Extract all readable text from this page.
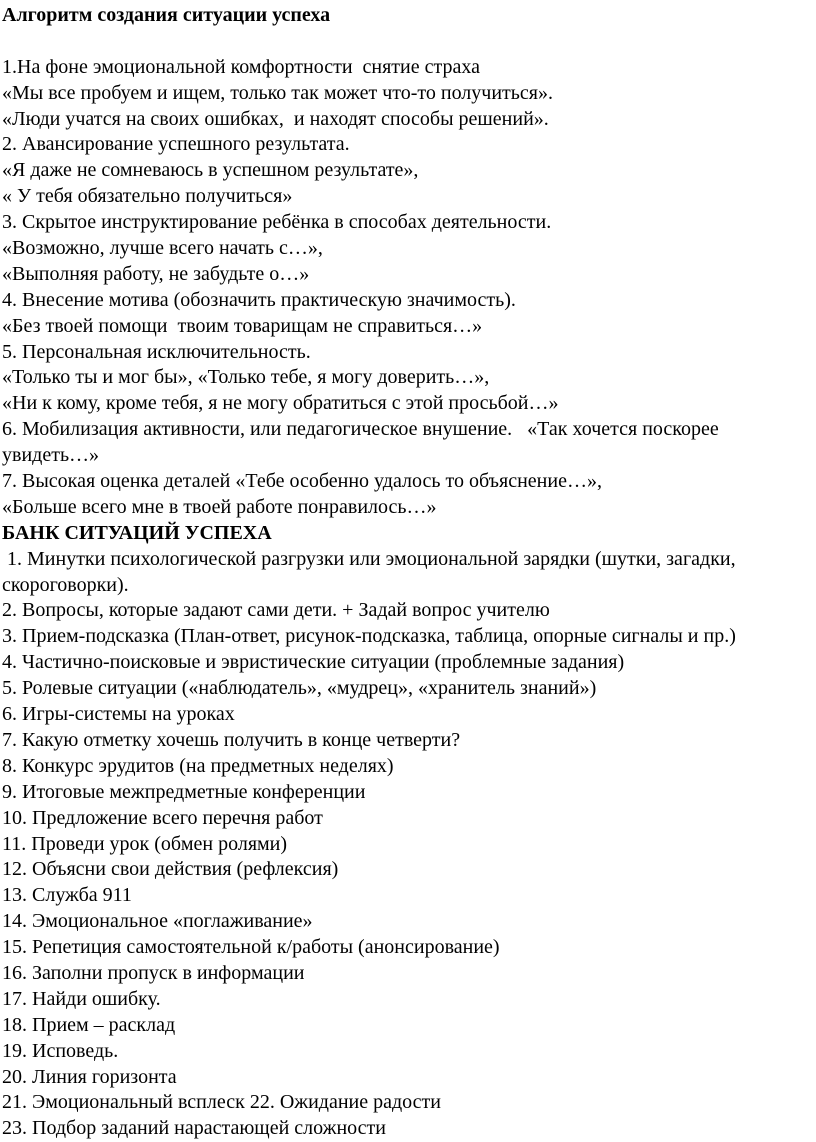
Алгоритм создания ситуации успеха
1.На фоне эмоциональной комфортности  снятие страха
«Мы все пробуем и ищем, только так может что-то получиться».
«Люди учатся на своих ошибках,  и находят способы решений».
2. Авансирование успешного результата.
«Я даже не сомневаюсь в успешном результате»,
« У тебя обязательно получиться»
3. Скрытое инструктирование ребёнка в способах деятельности.
«Возможно, лучше всего начать с…»,
«Выполняя работу, не забудьте о…»
4. Внесение мотива (обозначить практическую значимость).
«Без твоей помощи  твоим товарищам не справиться…»
5. Персональная исключительность.
«Только ты и мог бы», «Только тебе, я могу доверить…»,
«Ни к кому, кроме тебя, я не могу обратиться с этой просьбой…»
6. Мобилизация активности, или педагогическое внушение.   «Так хочется поскорее
увидеть…»
7. Высокая оценка деталей «Тебе особенно удалось то объяснение…»,
«Больше всего мне в твоей работе понравилось…»
БАНК СИТУАЦИЙ УСПЕХА
1. Минутки психологической разгрузки или эмоциональной зарядки (шутки, загадки,
скороговорки).
2. Вопросы, которые задают сами дети. + Задай вопрос учителю
3. Прием-подсказка (План-ответ, рисунок-подсказка, таблица, опорные сигналы и пр.)
4. Частично-поисковые и эвристические ситуации (проблемные задания)
5. Ролевые ситуации («наблюдатель», «мудрец», «хранитель знаний»)
6. Игры-системы на уроках
7. Какую отметку хочешь получить в конце четверти?
8. Конкурс эрудитов (на предметных неделях)
9. Итоговые межпредметные конференции
10. Предложение всего перечня работ
11. Проведи урок (обмен ролями)
12. Объясни свои действия (рефлексия)
13. Служба 911
14. Эмоциональное «поглаживание»
15. Репетиция самостоятельной к/работы (анонсирование)
16. Заполни пропуск в информации
17. Найди ошибку.
18. Прием – расклад
19. Исповедь.
20. Линия горизонта
21. Эмоциональный всплеск 22. Ожидание радости
23. Подбор заданий нарастающей сложности
